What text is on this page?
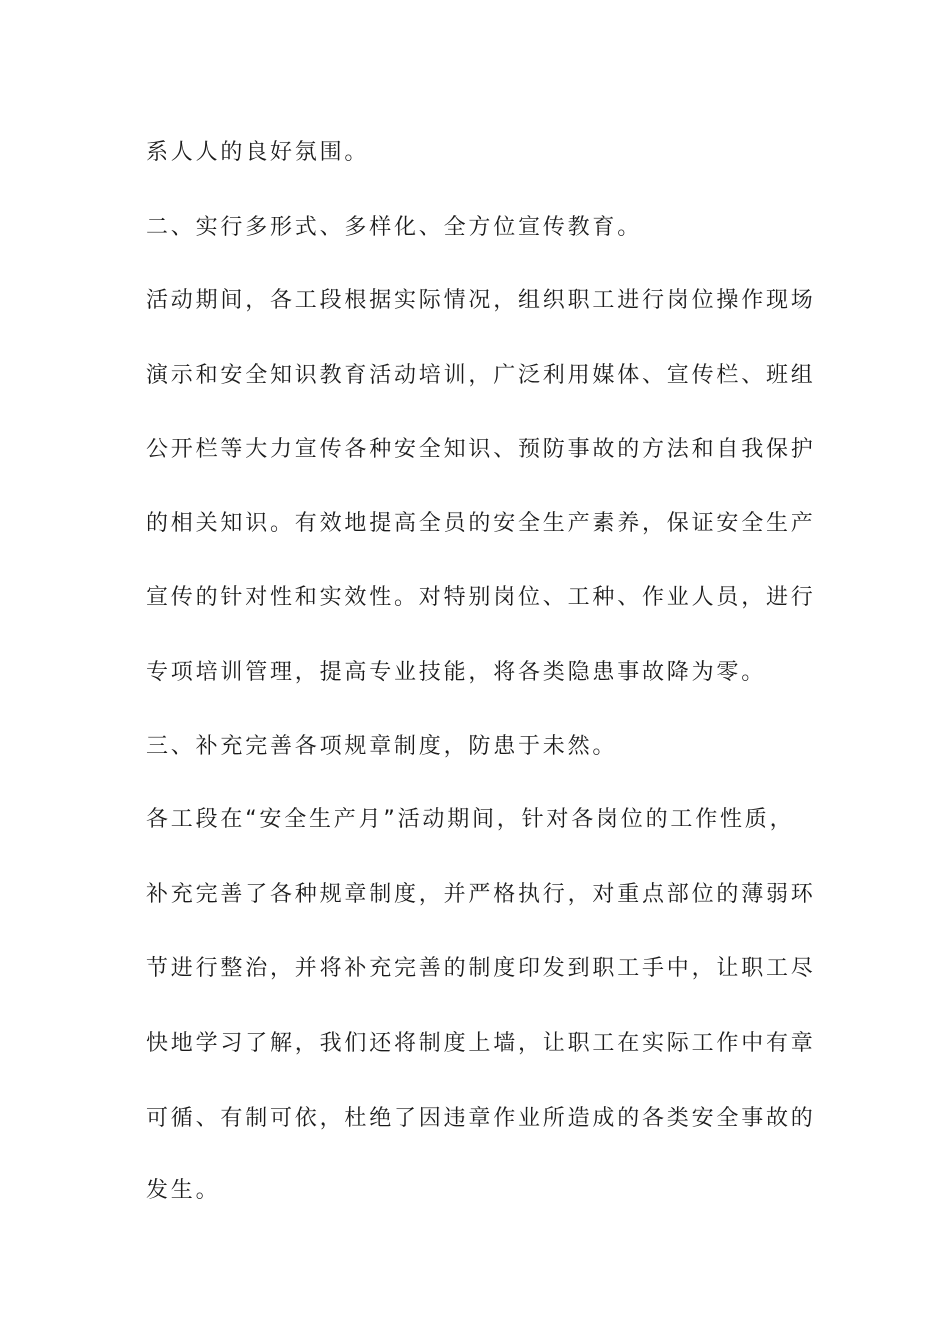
系人人的良好氛围。
二、实行多形式、多样化、全方位宣传教育。
活动期间，各工段根据实际情况，组织职工进行岗位操作现场
演示和安全知识教育活动培训，广泛利用媒体、宣传栏、班组
公开栏等大力宣传各种安全知识、预防事故的方法和自我保护
的相关知识。有效地提高全员的安全生产素养，保证安全生产
宣传的针对性和实效性。对特别岗位、工种、作业人员，进行
专项培训管理，提高专业技能，将各类隐患事故降为零。
三、补充完善各项规章制度，防患于未然。
各工段在“安全生产月”活动期间，针对各岗位的工作性质，
补充完善了各种规章制度，并严格执行，对重点部位的薄弱环
节进行整治，并将补充完善的制度印发到职工手中，让职工尽
快地学习了解，我们还将制度上墙，让职工在实际工作中有章
可循、有制可依，杜绝了因违章作业所造成的各类安全事故的
发生。
